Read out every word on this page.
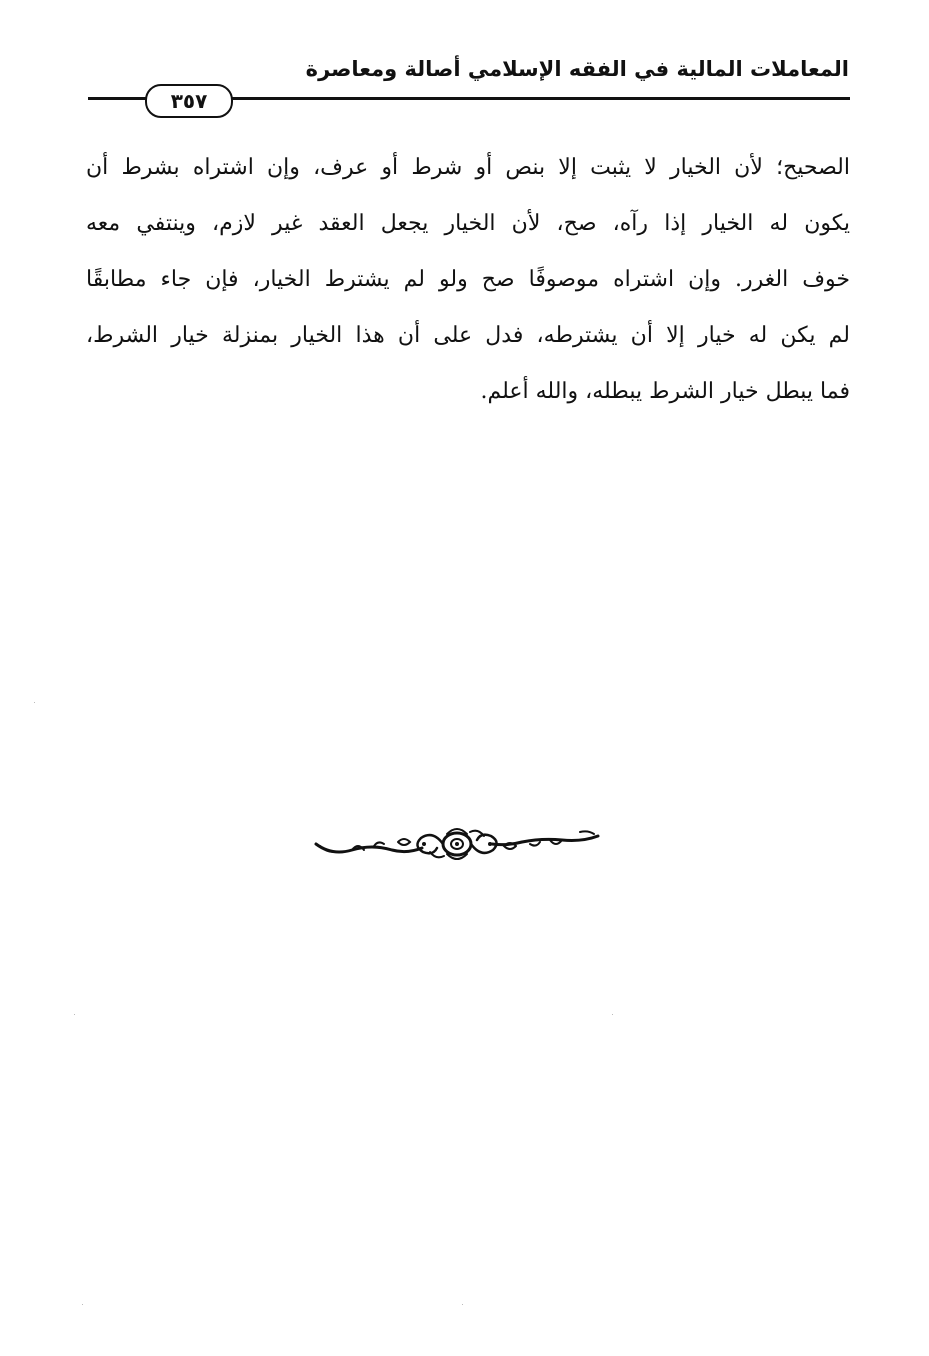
المعاملات المالية في الفقه الإسلامي أصالة ومعاصرة
٣٥٧
الصحيح؛ لأن الخيار لا يثبت إلا بنص أو شرط أو عرف، وإن اشتراه بشرط أن
يكون له الخيار إذا رآه، صح، لأن الخيار يجعل العقد غير لازم، وينتفي معه
خوف الغرر. وإن اشتراه موصوفًا صح ولو لم يشترط الخيار، فإن جاء مطابقًا
لم يكن له خيار إلا أن يشترطه، فدل على أن هذا الخيار بمنزلة خيار الشرط،
فما يبطل خيار الشرط يبطله، والله أعلم.
